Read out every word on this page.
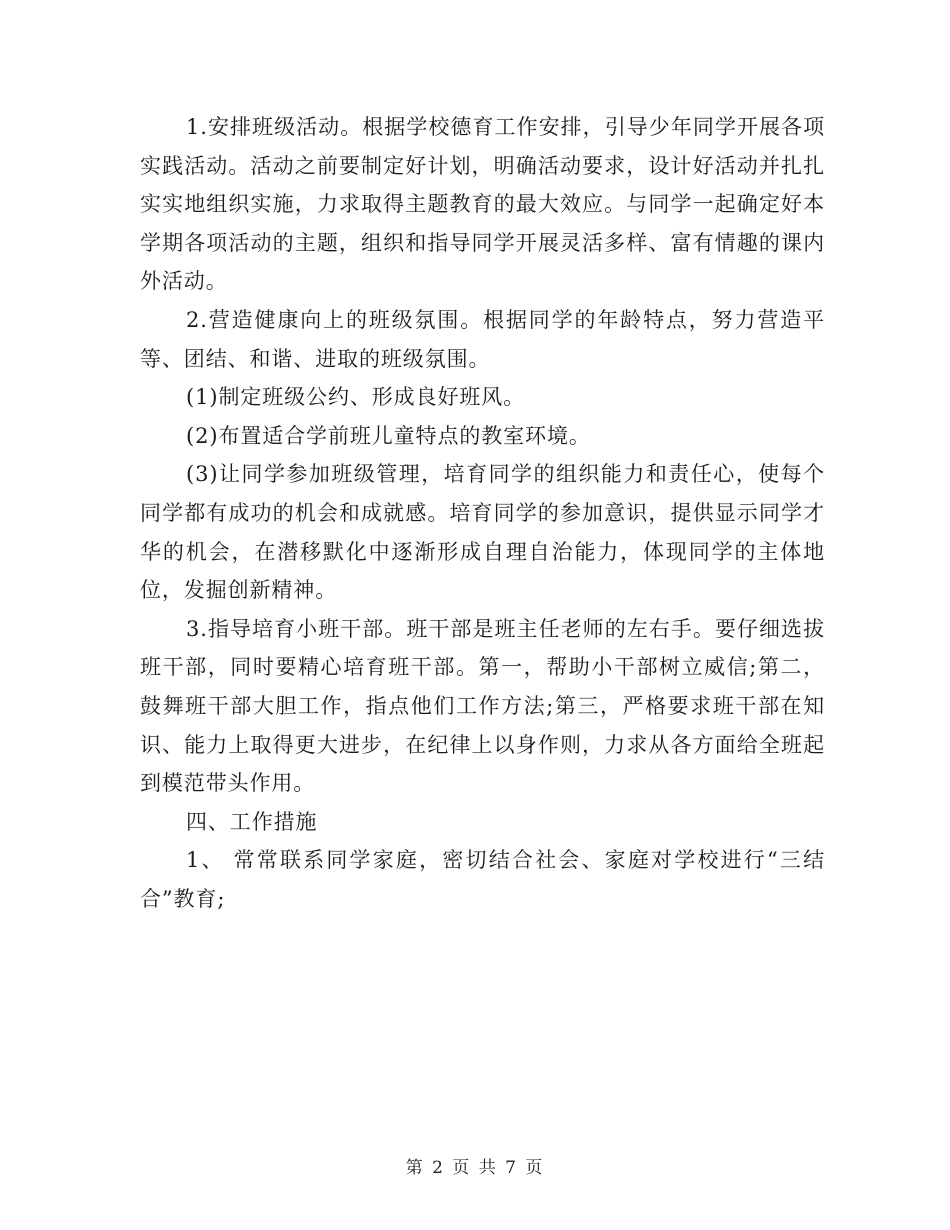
1.安排班级活动。根据学校德育工作安排，引导少年同学开展各项实践活动。活动之前要制定好计划，明确活动要求，设计好活动并扎扎实实地组织实施，力求取得主题教育的最大效应。与同学一起确定好本学期各项活动的主题，组织和指导同学开展灵活多样、富有情趣的课内外活动。

2.营造健康向上的班级氛围。根据同学的年龄特点，努力营造平等、团结、和谐、进取的班级氛围。

(1)制定班级公约、形成良好班风。

(2)布置适合学前班儿童特点的教室环境。

(3)让同学参加班级管理，培育同学的组织能力和责任心，使每个同学都有成功的机会和成就感。培育同学的参加意识，提供显示同学才华的机会，在潜移默化中逐渐形成自理自治能力，体现同学的主体地位，发掘创新精神。

3.指导培育小班干部。班干部是班主任老师的左右手。要仔细选拔班干部，同时要精心培育班干部。第一，帮助小干部树立威信;第二，鼓舞班干部大胆工作，指点他们工作方法;第三，严格要求班干部在知识、能力上取得更大进步，在纪律上以身作则，力求从各方面给全班起到模范带头作用。

四、工作措施

1、 常常联系同学家庭，密切结合社会、家庭对学校进行“三结合”教育;

第 2 页 共 7 页
